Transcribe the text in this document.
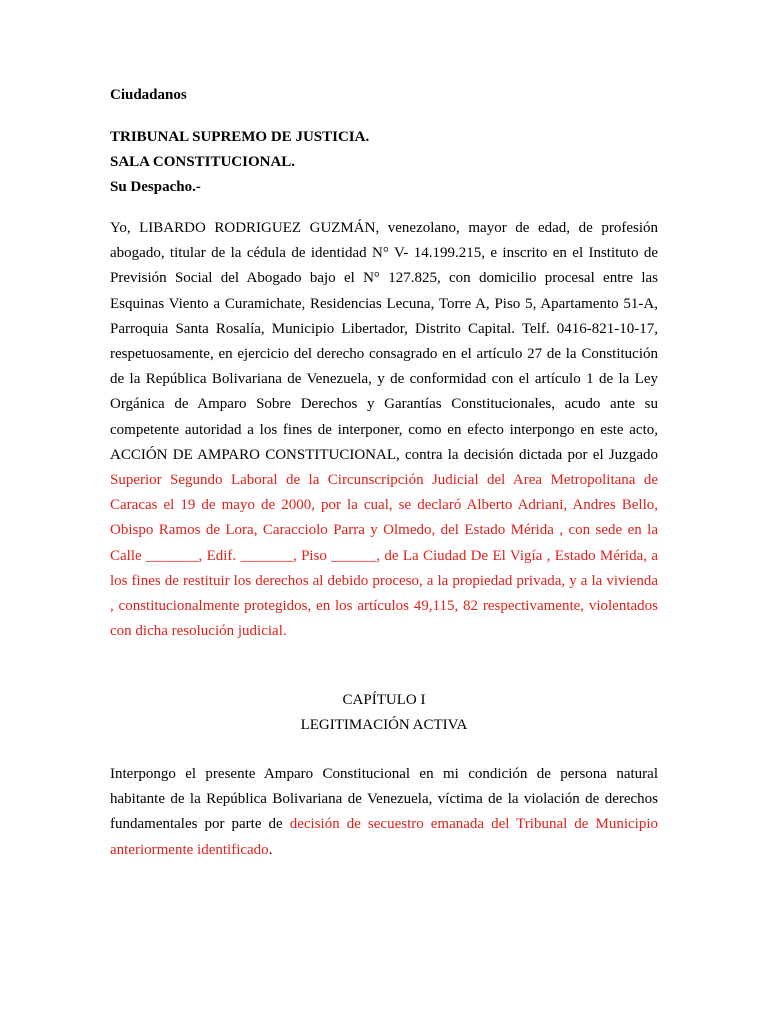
Ciudadanos
TRIBUNAL SUPREMO DE JUSTICIA.
SALA CONSTITUCIONAL.
Su Despacho.-

Yo, LIBARDO RODRIGUEZ GUZMÁN, venezolano, mayor de edad, de profesión abogado, titular de la cédula de identidad N° V- 14.199.215, e inscrito en el Instituto de Previsión Social del Abogado bajo el N° 127.825, con domicilio procesal entre las Esquinas Viento a Curamichate, Residencias Lecuna, Torre A, Piso 5, Apartamento 51-A, Parroquia Santa Rosalía, Municipio Libertador, Distrito Capital. Telf. 0416-821-10-17, respetuosamente, en ejercicio del derecho consagrado en el artículo 27 de la Constitución de la República Bolivariana de Venezuela, y de conformidad con el artículo 1 de la Ley Orgánica de Amparo Sobre Derechos y Garantías Constitucionales, acudo ante su competente autoridad a los fines de interponer, como en efecto interpongo en este acto, ACCIÓN DE AMPARO CONSTITUCIONAL, contra la decisión dictada por el Juzgado Superior Segundo Laboral de la Circunscripción Judicial del Area Metropolitana de Caracas el 19 de mayo de 2000, por la cual, se declaró Alberto Adriani, Andres Bello, Obispo Ramos de Lora, Caracciolo Parra y Olmedo, del Estado Mérida , con sede en la Calle _______, Edif. _______, Piso ______, de La Ciudad De El Vigía , Estado Mérida, a los fines de restituir los derechos al debido proceso, a la propiedad privada, y a la vivienda , constitucionalmente protegidos, en los artículos 49,115, 82 respectivamente, violentados con dicha resolución judicial.

CAPÍTULO I
LEGITIMACIÓN ACTIVA

Interpongo el presente Amparo Constitucional en mi condición de persona natural habitante de la República Bolivariana de Venezuela, víctima de la violación de derechos fundamentales por parte de decisión de secuestro emanada del Tribunal de Municipio anteriormente identificado.
